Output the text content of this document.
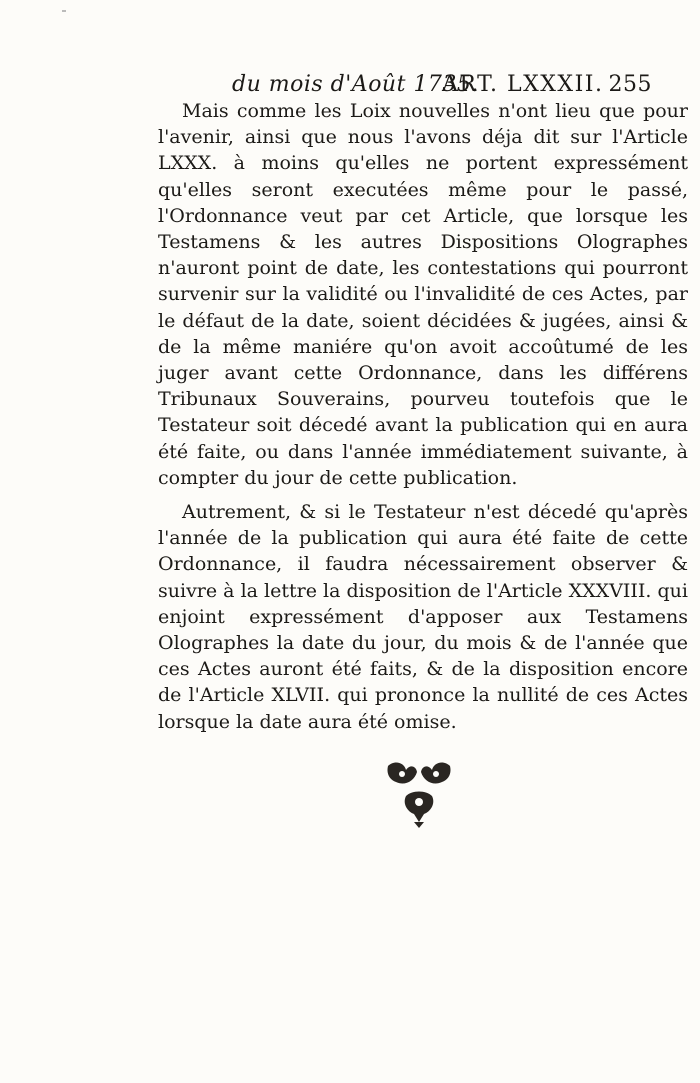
du mois d'Août 1735.
ART. LXXXII. 255

Mais comme les Loix nouvelles n'ont lieu que pour l'avenir, ainsi que nous l'avons déja dit sur l'Article LXXX. à moins qu'elles ne portent expressément qu'elles seront executées même pour le passé, l'Ordonnance veut par cet Article, que lorsque les Testamens & les autres Dispositions Olographes n'auront point de date, les contestations qui pourront survenir sur la validité ou l'invalidité de ces Actes, par le défaut de la date, soient décidées & jugées, ainsi & de la même maniére qu'on avoit accoûtumé de les juger avant cette Ordonnance, dans les différens Tribunaux Souverains, pourveu toutefois que le Testateur soit décedé avant la publication qui en aura été faite, ou dans l'année immédiatement suivante, à compter du jour de cette publication.

Autrement, & si le Testateur n'est décedé qu'après l'année de la publication qui aura été faite de cette Ordonnance, il faudra nécessairement observer & suivre à la lettre la disposition de l'Article XXXVIII. qui enjoint expressément d'apposer aux Testamens Olographes la date du jour, du mois & de l'année que ces Actes auront été faits, & de la disposition encore de l'Article XLVII. qui prononce la nullité de ces Actes lorsque la date aura été omise.
